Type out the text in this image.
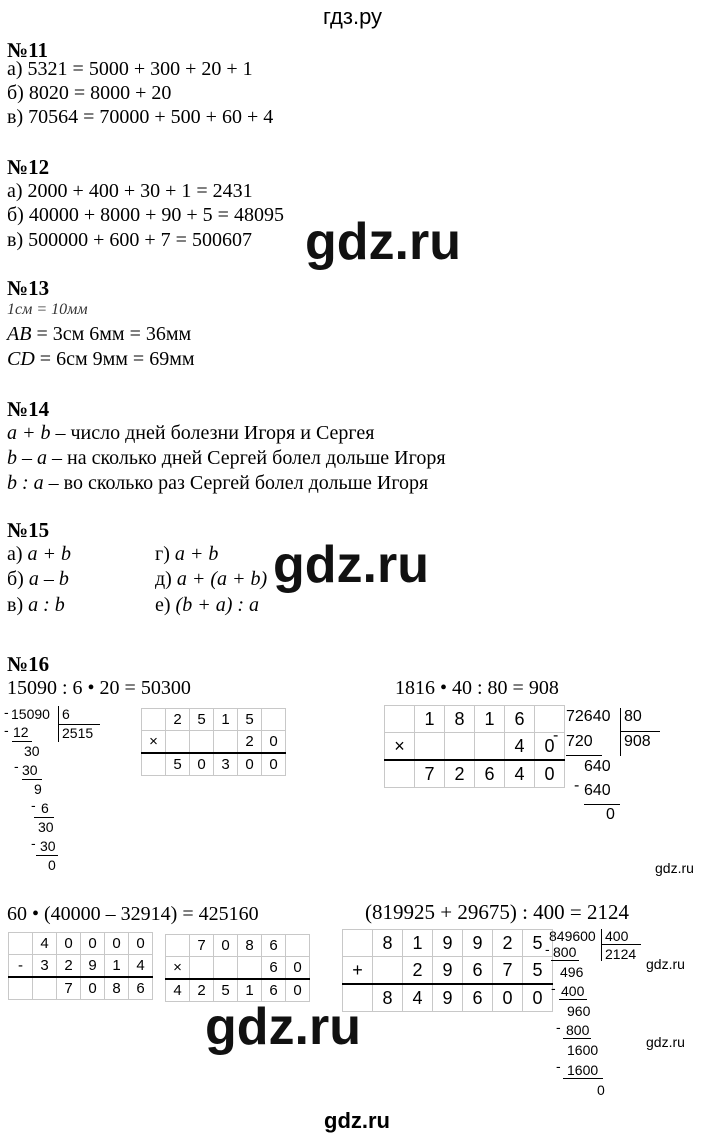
гдз.ру
№11
а) 5321 = 5000 + 300 + 20 + 1
б) 8020 = 8000 + 20
в) 70564 = 70000 + 500 + 60 + 4
№12
а) 2000 + 400 + 30 + 1 = 2431
б) 40000 + 8000 + 90 + 5 = 48095
в) 500000 + 600 + 7 = 500607 gdz.ru
№13
1см = 10мм
AB = 3см 6мм = 36мм
CD = 6см 9мм = 69мм
№14
a + b – число дней болезни Игоря и Сергея
b – a – на сколько дней Сергей болел дольше Игоря
b : a – во сколько раз Сергей болел дольше Игоря
№15
а) a + b
б) a – b
в) a : b
г) a + b
д) a + (a + b)
е) (b + a) : a
gdz.ru
№16
15090 : 6 • 20 = 50300	1816 • 40 : 80 = 908
- 15090 6
2515
- 12
30
- 30
9
- 6
30
- 30
0
	2	5	1	5	
×				2	0
	5	0	3	0	0
	1	8	1	6	
×				4	0
	7	2	6	4	0
72640 80
908
- 720
640
- 640
0
gdz.ru
60 • (40000 – 32914) = 425160	(819925 + 29675) : 400 = 2124
	4	0	0	0	0
-	3	2	9	1	4
		7	0	8	6
	7	0	8	6	
×				6	0
4	2	5	1	6	0
	8	1	9	9	2	5
+		2	9	6	7	5
	8	4	9	6	0	0
849600 400
2124
- 800
496
- 400
960
- 800
1600
- 1600
0
gdz.ru
gdz.ru
gdz.ru
gdz.ru
